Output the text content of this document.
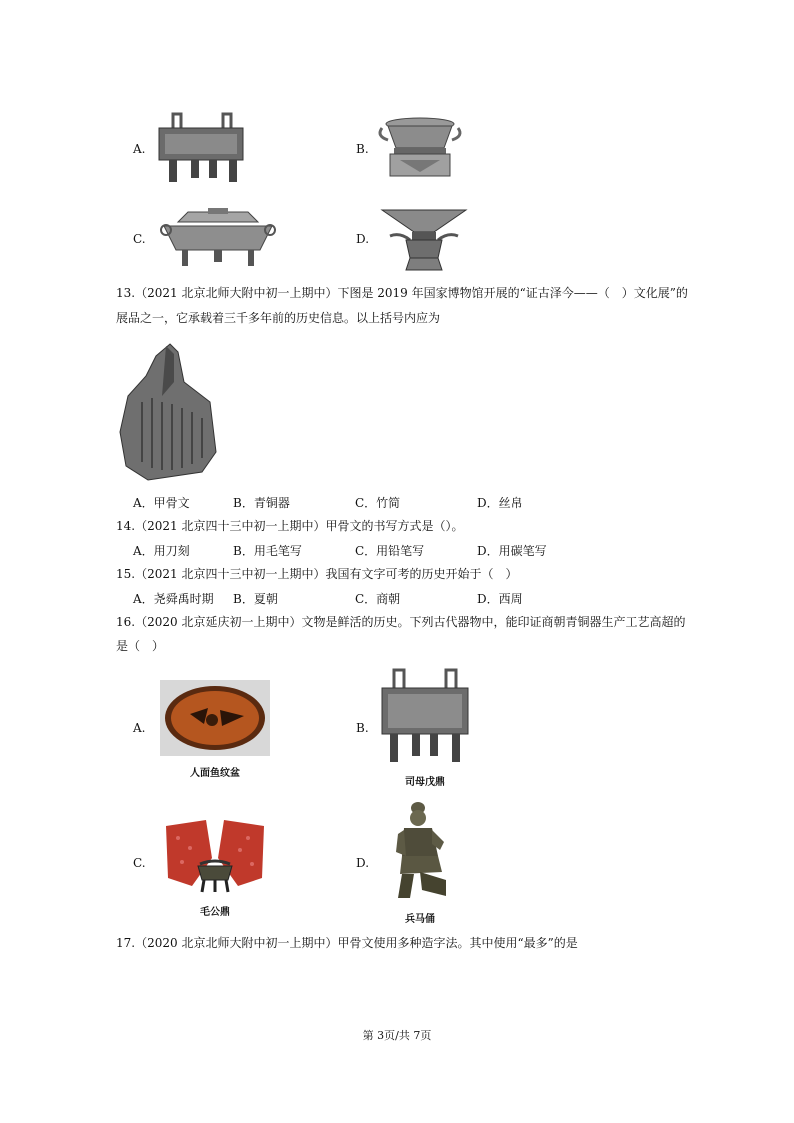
A.	B.
C.	D.
13.（2021 北京北师大附中初一上期中）下图是 2019 年国家博物馆开展的“证古泽今——（　）文化展”的
展品之一，它承载着三千多年前的历史信息。以上括号内应为
A．甲骨文	B．青铜器	C．竹简	D．丝帛
14.（2021 北京四十三中初一上期中）甲骨文的书写方式是（）。
A．用刀刻	B．用毛笔写	C．用铅笔写	D．用碳笔写
15.（2021 北京四十三中初一上期中）我国有文字可考的历史开始于（　）
A．尧舜禹时期	B．夏朝	C．商朝	D．西周
16.（2020 北京延庆初一上期中）文物是鲜活的历史。下列古代器物中，能印证商朝青铜器生产工艺高超的
是（　）
A.
人面鱼纹盆
B.
司母戊鼎
C.
毛公鼎
D.
兵马俑
17.（2020 北京北师大附中初一上期中）甲骨文使用多种造字法。其中使用“最多”的是
第 3页/共 7页
